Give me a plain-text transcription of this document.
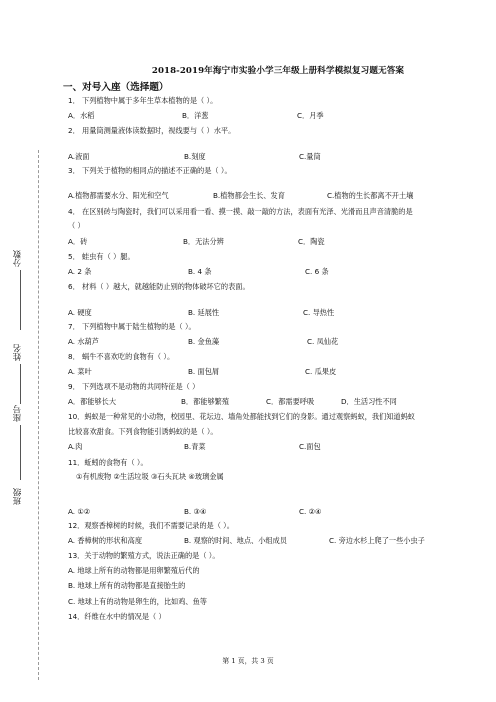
分数
姓名
座号
班级
2018-2019年海宁市实验小学三年级上册科学模拟复习题无答案
一、对号入座（选择题）
1． 下列植物中属于多年生草本植物的是（ ）。
A．水稻	B．洋葱	C．月季
2． 用量筒测量液体读数据时，视线要与（ ）水平。
A.液面	B.刻度	C.量筒
3． 下列关于植物的相同点的描述不正确的是（ ）。
A.植物都需要水分、阳光和空气	B.植物都会生长、发育	C.植物的生长都离不开土壤
4． 在区别砖与陶瓷时，我们可以采用看一看、摸一摸、敲一敲的方法，表面有光泽、光滑而且声音清脆的是
（ ）
A．砖	B．无法分辨	C．陶瓷
5． 蛙虫有（ ）腿。
A. 2 条	B. 4 条	C. 6 条
6． 材料（ ）越大，就越能防止别的物体破坏它的表面。
A. 硬度	B. 延展性	C. 导热性
7． 下列植物中属于陆生植物的是（ ）。
A. 水葫芦	B. 金鱼藻	C. 凤仙花
8． 蜗牛不喜欢吃的食物有（ ）。
A. 菜叶	B. 面包屑	C. 瓜果皮
9． 下列选项不是动物的共同特征是（ ）
A．都能够长大	B．都能够繁殖	C．都需要呼吸	D．生活习性不同
10．蚂蚁是一种常见的小动物，校园里、花坛边、墙角处都能找到它们的身影。通过观察蚂蚁，我们知道蚂蚁
比较喜欢甜食。下列食物能引诱蚂蚁的是（ ）。
A.肉	B.青菜	C.面包
11．蚯蚓的食物有（ ）。
①有机废物 ②生活垃圾 ③石头瓦块 ④玻璃金属
A. ①②	B. ③④	C. ②④
12．观察香樟树的时候，我们不需要记录的是（ ）。
A. 香樟树的形状和高度	B. 观察的时间、地点、小组成员	C. 旁边水杉上爬了一些小虫子
13．关于动物的繁殖方式，说法正确的是（ ）。
A. 地球上所有的动物都是用卵繁殖后代的
B. 地球上所有的动物都是直接胎生的
C. 地球上有的动物是卵生的，比如鸡、鱼等
14．纤维在水中的情况是（ ）
第 1 页，共 3 页
